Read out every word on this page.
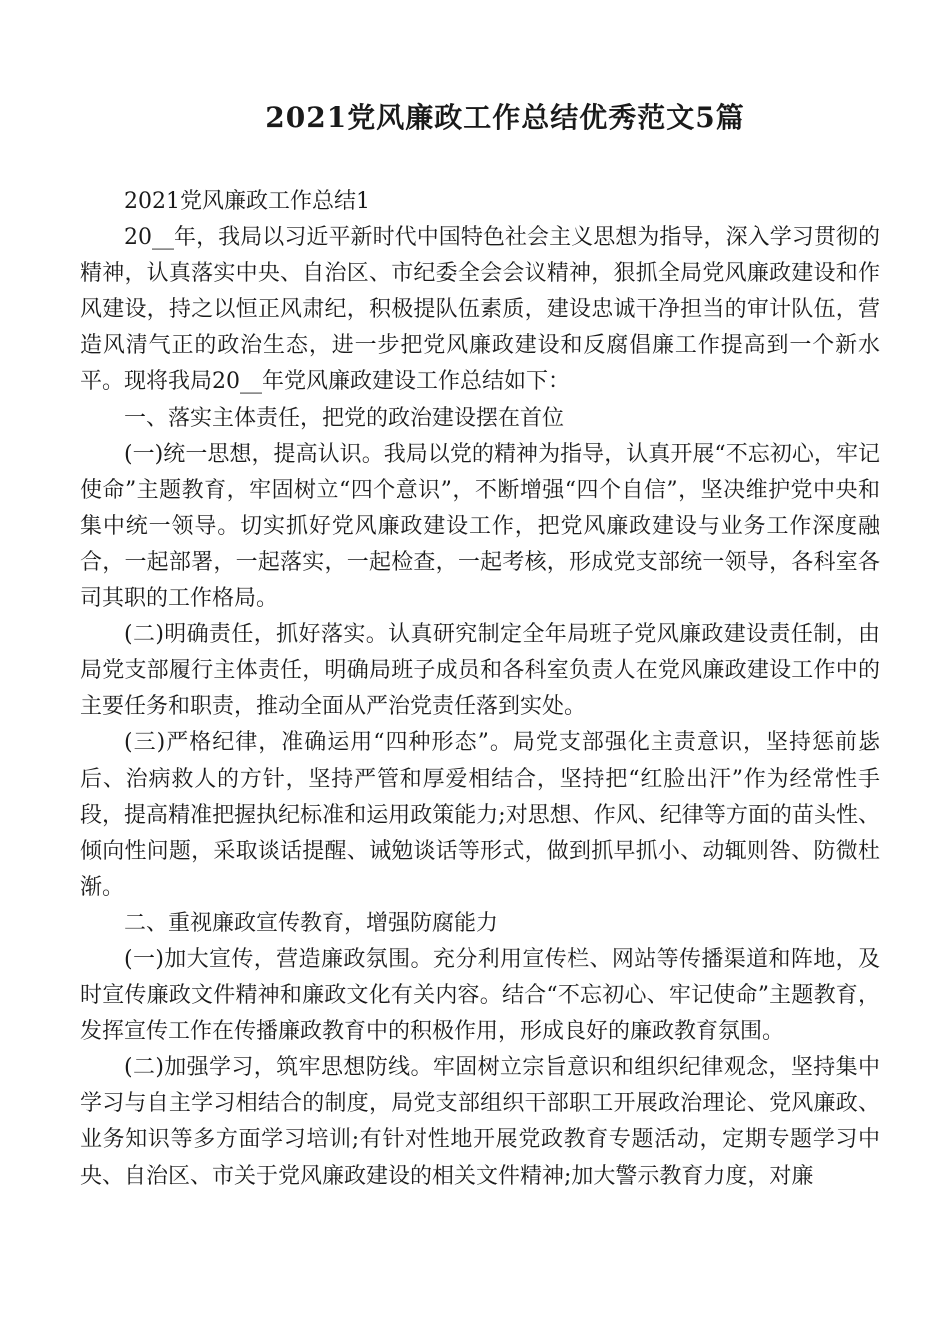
2021党风廉政工作总结优秀范文5篇

2021党风廉政工作总结1

20__年，我局以习近平新时代中国特色社会主义思想为指导，深入学习贯彻的精神，认真落实中央、自治区、市纪委全会会议精神，狠抓全局党风廉政建设和作风建设，持之以恒正风肃纪，积极提队伍素质，建设忠诚干净担当的审计队伍，营造风清气正的政治生态，进一步把党风廉政建设和反腐倡廉工作提高到一个新水平。现将我局20__年党风廉政建设工作总结如下：

一、落实主体责任，把党的政治建设摆在首位

(一)统一思想，提高认识。我局以党的精神为指导，认真开展“不忘初心，牢记使命”主题教育，牢固树立“四个意识”，不断增强“四个自信”，坚决维护党中央和集中统一领导。切实抓好党风廉政建设工作，把党风廉政建设与业务工作深度融合，一起部署，一起落实，一起检查，一起考核，形成党支部统一领导，各科室各司其职的工作格局。

(二)明确责任，抓好落实。认真研究制定全年局班子党风廉政建设责任制，由局党支部履行主体责任，明确局班子成员和各科室负责人在党风廉政建设工作中的主要任务和职责，推动全面从严治党责任落到实处。

(三)严格纪律，准确运用“四种形态”。局党支部强化主责意识，坚持惩前毖后、治病救人的方针，坚持严管和厚爱相结合，坚持把“红脸出汗”作为经常性手段，提高精准把握执纪标准和运用政策能力;对思想、作风、纪律等方面的苗头性、倾向性问题，采取谈话提醒、诫勉谈话等形式，做到抓早抓小、动辄则咎、防微杜渐。

二、重视廉政宣传教育，增强防腐能力

(一)加大宣传，营造廉政氛围。充分利用宣传栏、网站等传播渠道和阵地，及时宣传廉政文件精神和廉政文化有关内容。结合“不忘初心、牢记使命”主题教育，发挥宣传工作在传播廉政教育中的积极作用，形成良好的廉政教育氛围。

(二)加强学习，筑牢思想防线。牢固树立宗旨意识和组织纪律观念，坚持集中学习与自主学习相结合的制度，局党支部组织干部职工开展政治理论、党风廉政、业务知识等多方面学习培训;有针对性地开展党政教育专题活动，定期专题学习中央、自治区、市关于党风廉政建设的相关文件精神;加大警示教育力度，对廉
